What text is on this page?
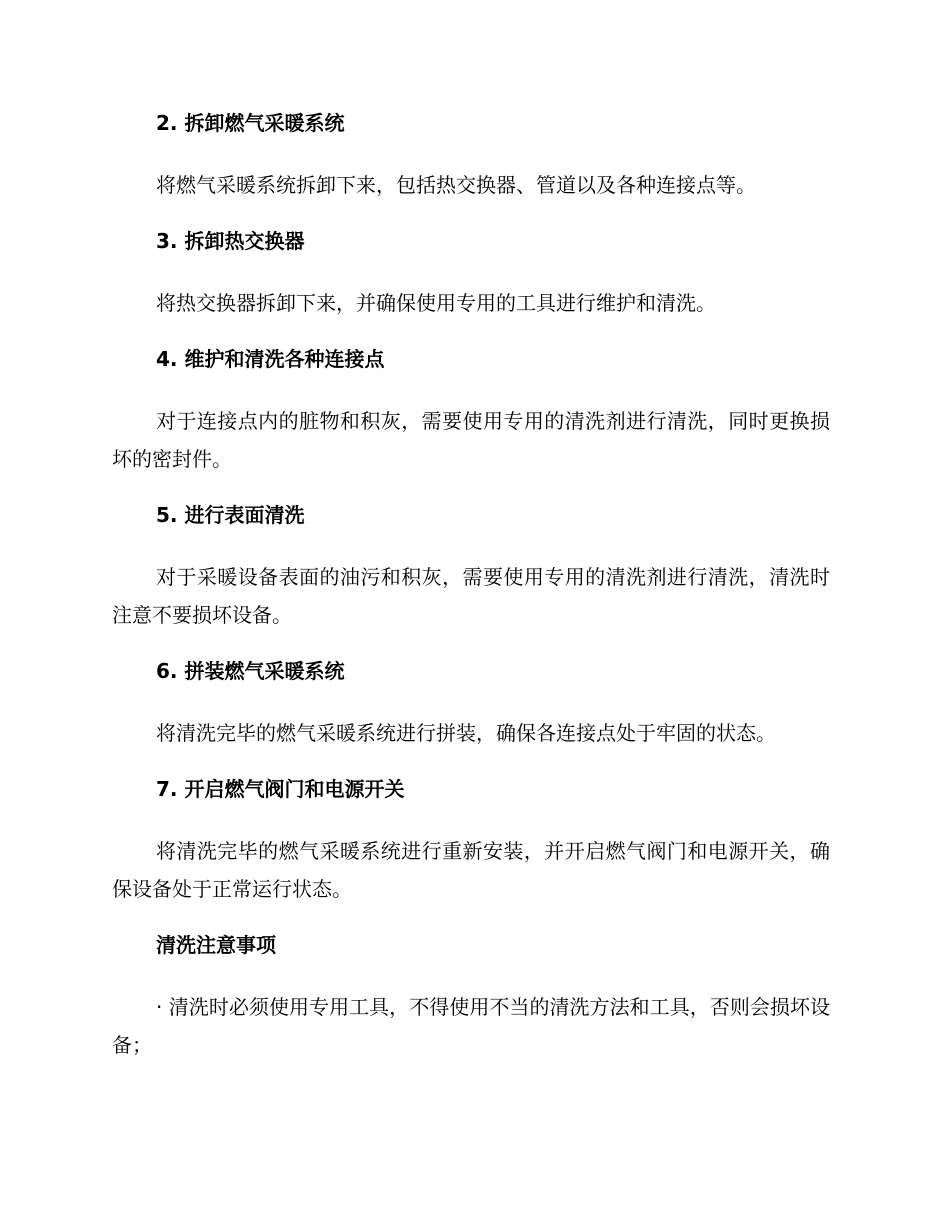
2. 拆卸燃气采暖系统
将燃气采暖系统拆卸下来，包括热交换器、管道以及各种连接点等。
3. 拆卸热交换器
将热交换器拆卸下来，并确保使用专用的工具进行维护和清洗。
4. 维护和清洗各种连接点
对于连接点内的脏物和积灰，需要使用专用的清洗剂进行清洗，同时更换损坏的密封件。
5. 进行表面清洗
对于采暖设备表面的油污和积灰，需要使用专用的清洗剂进行清洗，清洗时注意不要损坏设备。
6. 拼装燃气采暖系统
将清洗完毕的燃气采暖系统进行拼装，确保各连接点处于牢固的状态。
7. 开启燃气阀门和电源开关
将清洗完毕的燃气采暖系统进行重新安装，并开启燃气阀门和电源开关，确保设备处于正常运行状态。
清洗注意事项
· 清洗时必须使用专用工具，不得使用不当的清洗方法和工具，否则会损坏设备；
